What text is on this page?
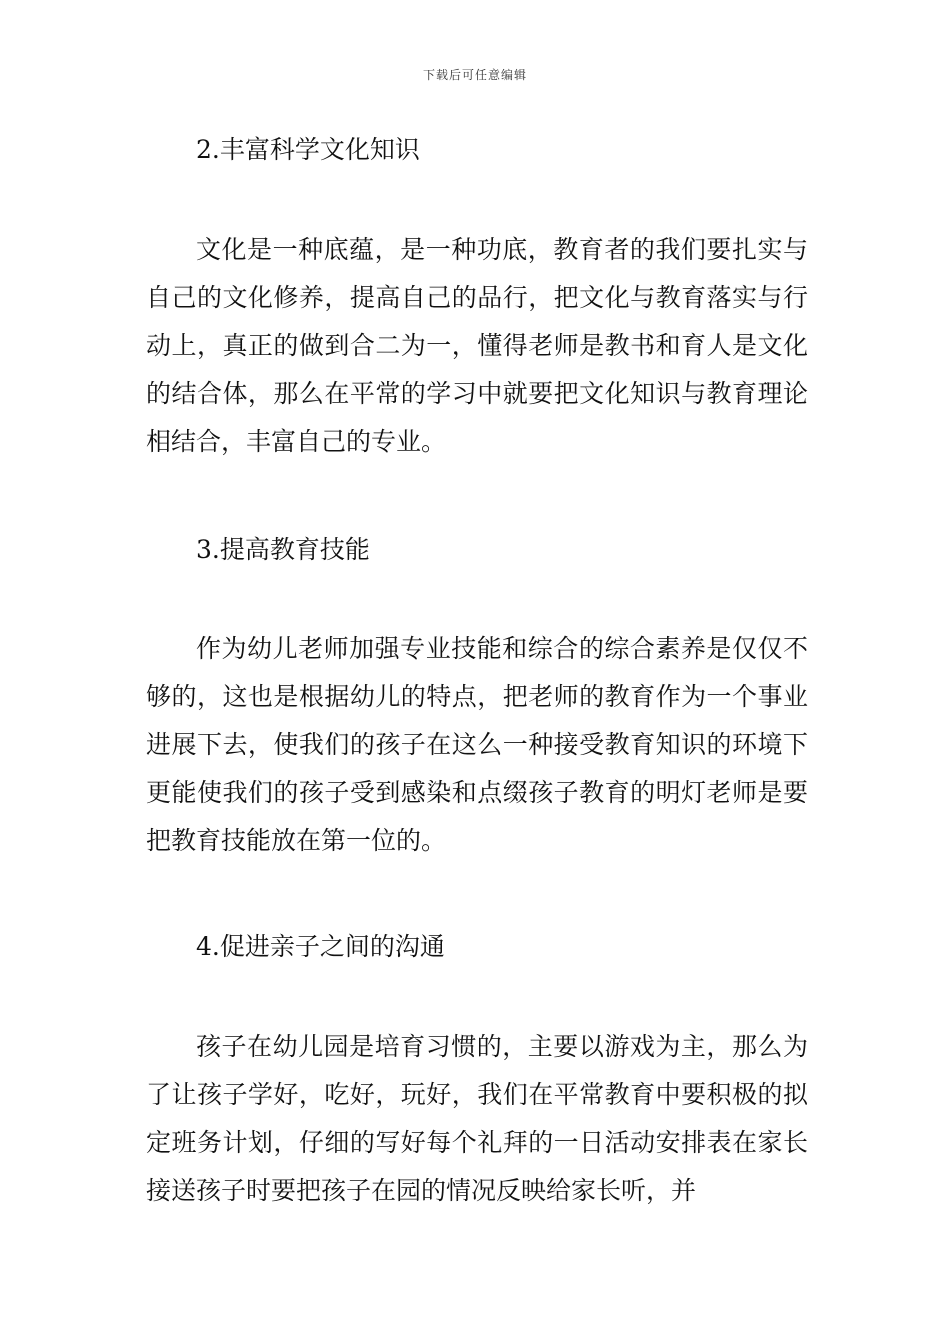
下载后可任意编辑
2.丰富科学文化知识

文化是一种底蕴，是一种功底，教育者的我们要扎实与自己的文化修养，提高自己的品行，把文化与教育落实与行动上，真正的做到合二为一，懂得老师是教书和育人是文化的结合体，那么在平常的学习中就要把文化知识与教育理论相结合，丰富自己的专业。

3.提高教育技能

作为幼儿老师加强专业技能和综合的综合素养是仅仅不够的，这也是根据幼儿的特点，把老师的教育作为一个事业进展下去，使我们的孩子在这么一种接受教育知识的环境下更能使我们的孩子受到感染和点缀孩子教育的明灯老师是要把教育技能放在第一位的。

4.促进亲子之间的沟通

孩子在幼儿园是培育习惯的，主要以游戏为主，那么为了让孩子学好，吃好，玩好，我们在平常教育中要积极的拟定班务计划，仔细的写好每个礼拜的一日活动安排表在家长接送孩子时要把孩子在园的情况反映给家长听，并
